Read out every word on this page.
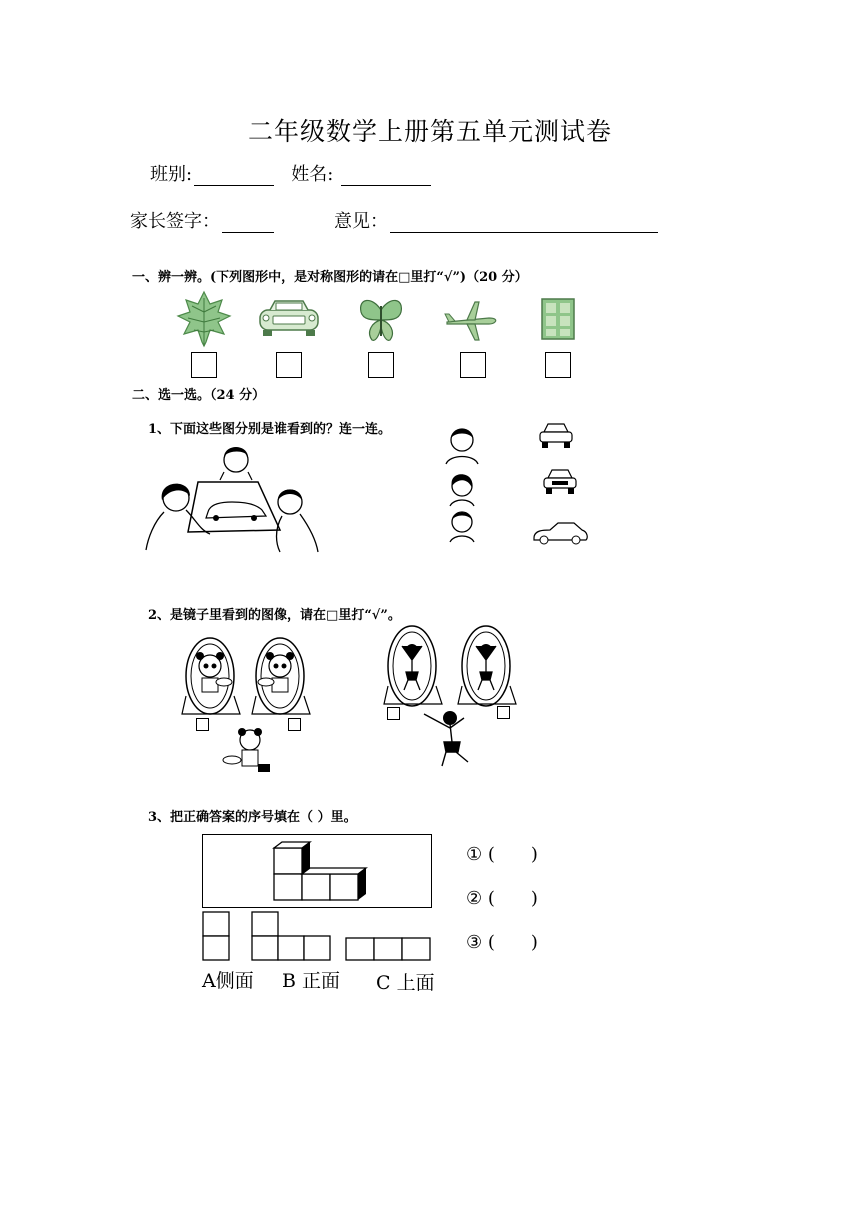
二年级数学上册第五单元测试卷
班别:	姓名:
家长签字：	意见：
一、辨一辨。(下列图形中，是对称图形的请在□里打“√”)（20 分）
二、选一选。（24 分）
1、下面这些图分别是谁看到的？连一连。
2、是镜子里看到的图像，请在□里打“√”。
3、把正确答案的序号填在（ ）里。
A侧面 B 正面 C 上面
① (　　)
② (　　)
③ (　　)
